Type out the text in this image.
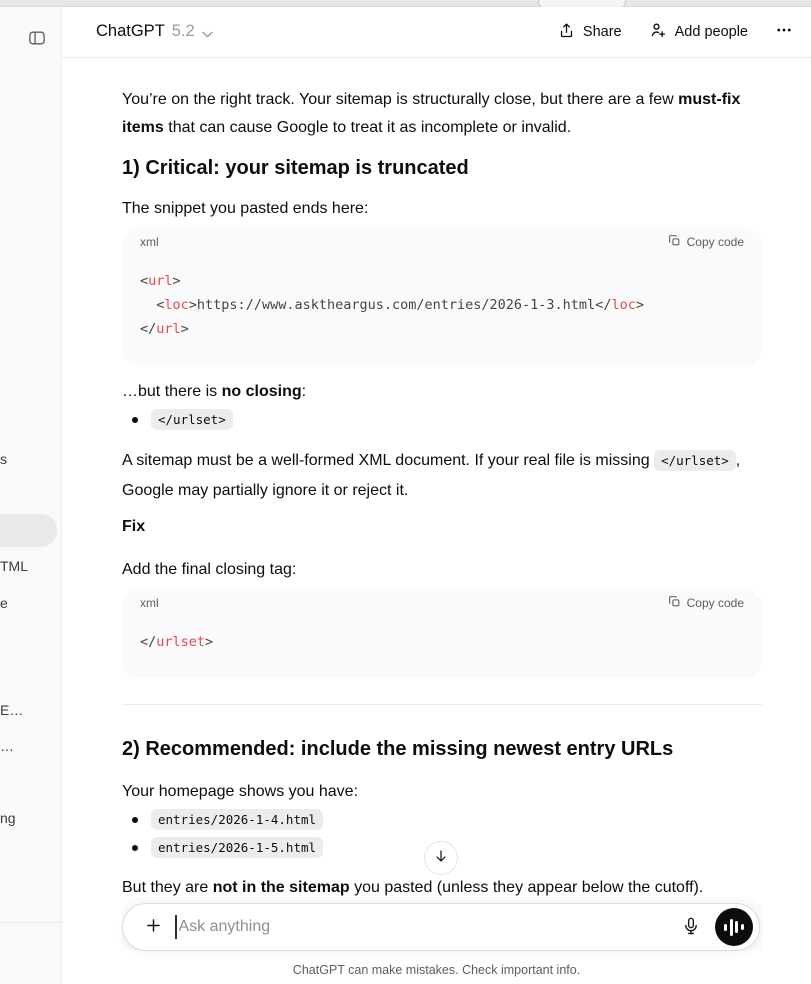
s
TML
e
E…
…
ng
ChatGPT 5.2	Share	Add people

You’re on the right track. Your sitemap is structurally close, but there are a few must-fix items that can cause Google to treat it as incomplete or invalid.

1) Critical: your sitemap is truncated

The snippet you pasted ends here:

xml	Copy code
<url>
<loc>https://www.asktheargus.com/entries/2026-1-3.html</loc>
</url>

…but there is no closing:

</urlset>

A sitemap must be a well-formed XML document. If your real file is missing </urlset> , Google may partially ignore it or reject it.

Fix

Add the final closing tag:

xml	Copy code
</urlset>
2) Recommended: include the missing newest entry URLs

Your homepage shows you have:

entries/2026-1-4.html
entries/2026-1-5.html

But they are not in the sitemap you pasted (unless they appear below the cutoff).

Ask anything
ChatGPT can make mistakes. Check important info.
